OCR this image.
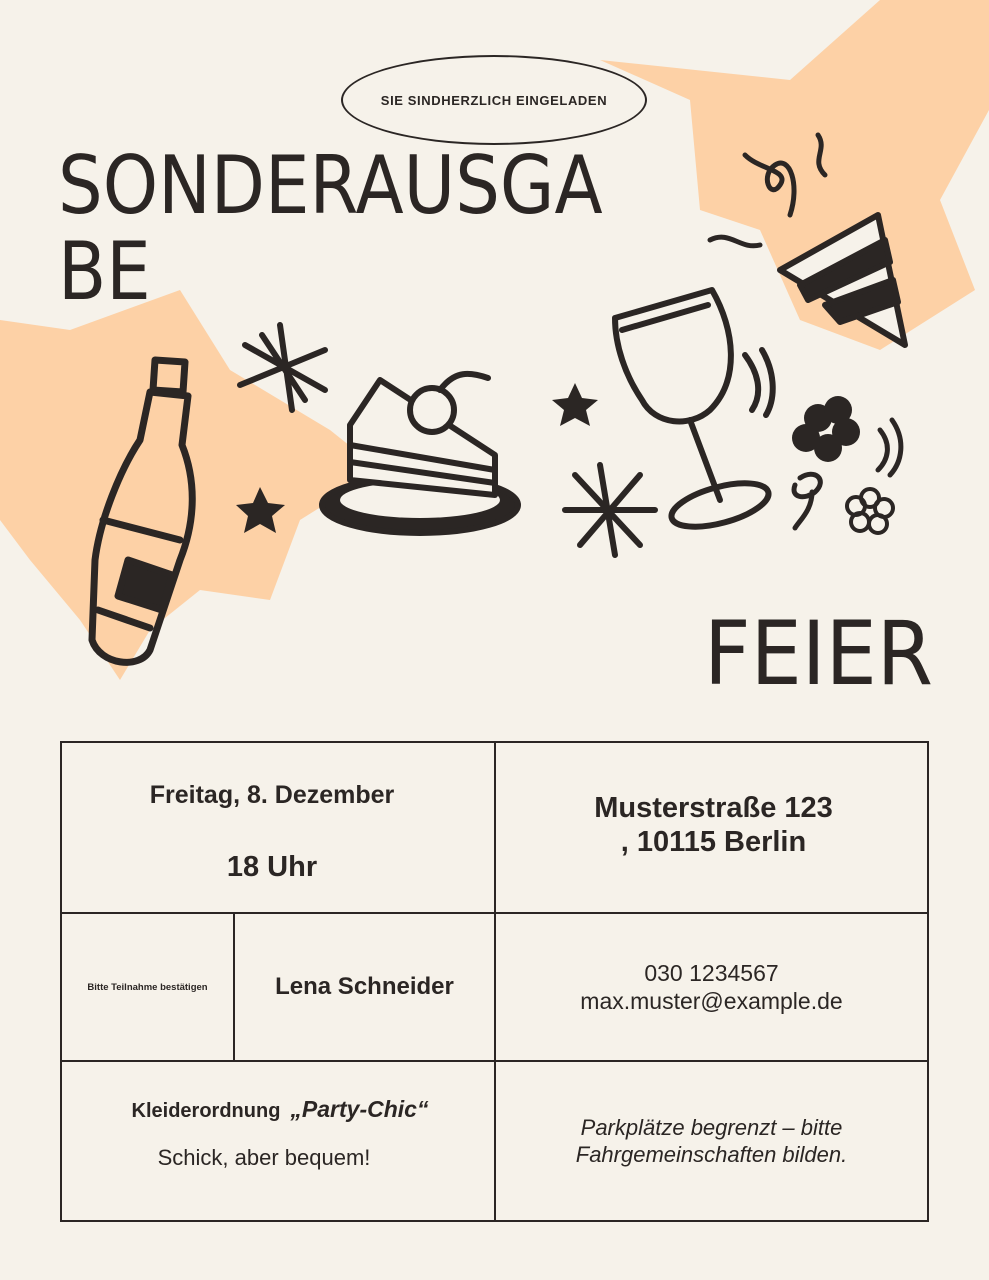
SIE SINDHERZLICH EINGELADEN
SONDERAUSGA
BE
FEIER
Freitag, 8. Dezember
18 Uhr
Musterstraße 123
, 10115 Berlin
Bitte Teilnahme bestätigen	Lena Schneider	030 1234567
max.muster@example.de
Kleiderordnung „Party-Chic“
Schick, aber bequem!
Parkplätze begrenzt – bitte Fahrgemeinschaften bilden.
